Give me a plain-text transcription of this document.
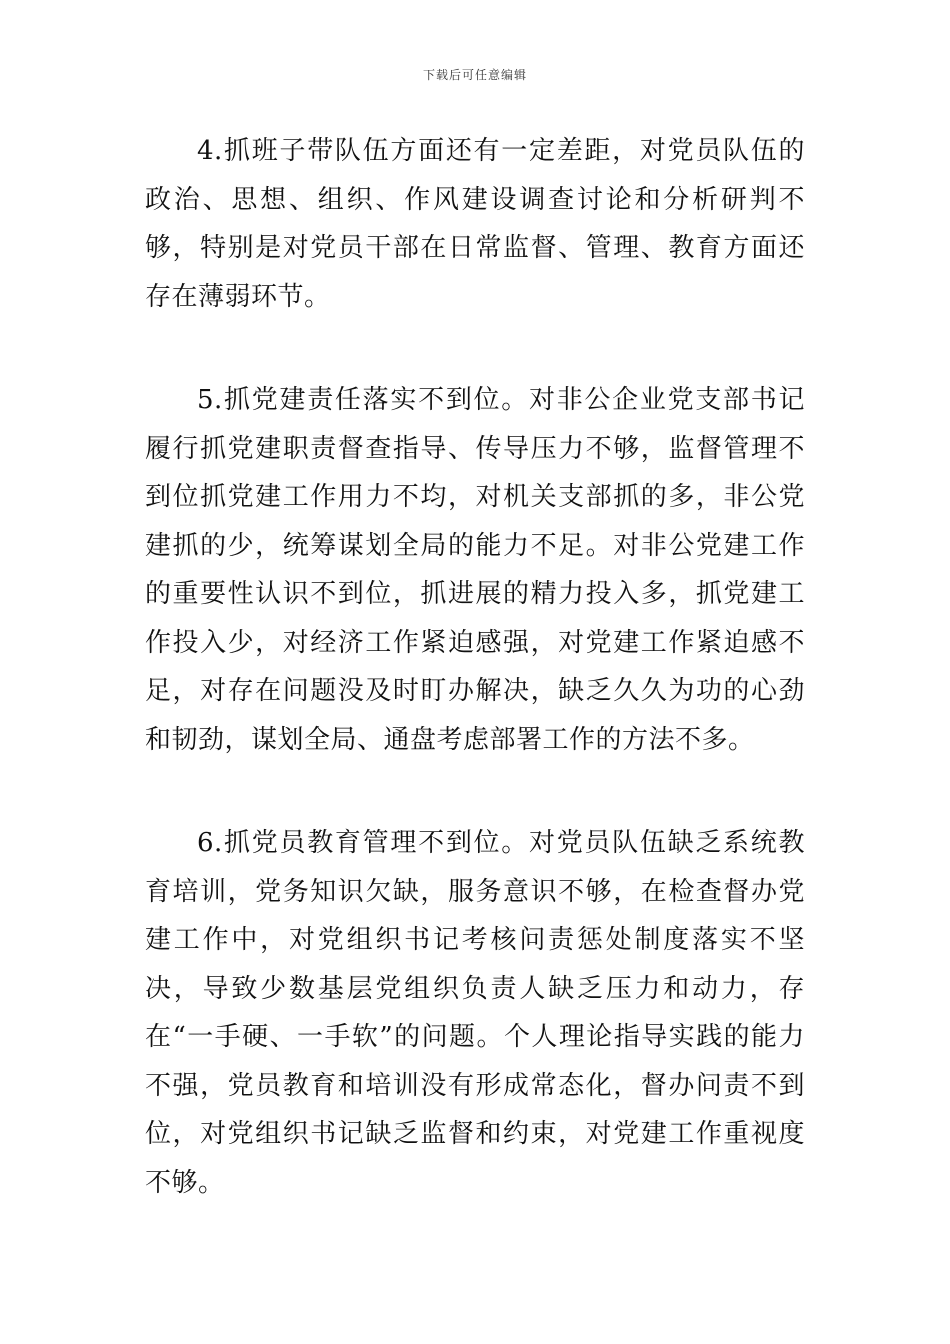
下载后可任意编辑

4.抓班子带队伍方面还有一定差距，对党员队伍的政治、思想、组织、作风建设调查讨论和分析研判不够，特别是对党员干部在日常监督、管理、教育方面还存在薄弱环节。

5.抓党建责任落实不到位。对非公企业党支部书记履行抓党建职责督查指导、传导压力不够，监督管理不到位抓党建工作用力不均，对机关支部抓的多，非公党建抓的少，统筹谋划全局的能力不足。对非公党建工作的重要性认识不到位，抓进展的精力投入多，抓党建工作投入少，对经济工作紧迫感强，对党建工作紧迫感不足，对存在问题没及时盯办解决，缺乏久久为功的心劲和韧劲，谋划全局、通盘考虑部署工作的方法不多。

6.抓党员教育管理不到位。对党员队伍缺乏系统教育培训，党务知识欠缺，服务意识不够，在检查督办党建工作中，对党组织书记考核问责惩处制度落实不坚决，导致少数基层党组织负责人缺乏压力和动力，存在“一手硬、一手软”的问题。个人理论指导实践的能力不强，党员教育和培训没有形成常态化，督办问责不到位，对党组织书记缺乏监督和约束，对党建工作重视度不够。
